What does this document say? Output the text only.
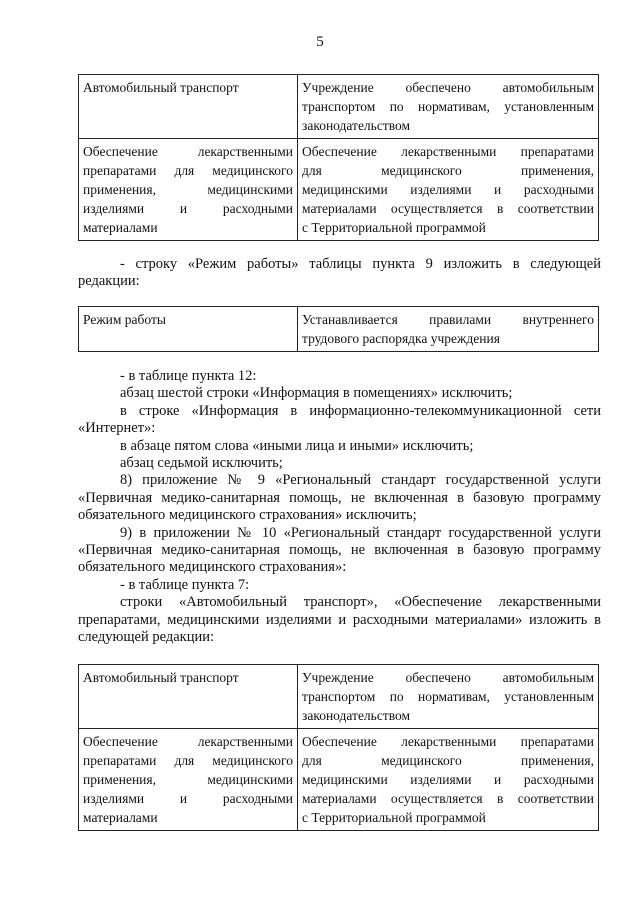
5
Автомобильный транспорт	Учреждение обеспечено автомобильным
транспортом по нормативам, установленным
законодательством

Обеспечение лекарственными
препаратами для медицинского
применения, медицинскими
изделиями и расходными
материалами	Обеспечение лекарственными препаратами
для медицинского применения,
медицинскими изделиями и расходными
материалами осуществляется в соответствии
с Территориальной программой
- строку «Режим работы» таблицы пункта 9 изложить в следующей
редакции:
Режим работы	Устанавливается правилами внутреннего
трудового распорядка учреждения
- в таблице пункта 12:
абзац шестой строки «Информация в помещениях» исключить;
в строке «Информация в информационно-телекоммуникационной сети
«Интернет»:
в абзаце пятом слова «иными лица и иными» исключить;
абзац седьмой исключить;
8) приложение № 9 «Региональный стандарт государственной услуги
«Первичная медико-санитарная помощь, не включенная в базовую программу
обязательного медицинского страхования» исключить;
9) в приложении № 10 «Региональный стандарт государственной услуги
«Первичная медико-санитарная помощь, не включенная в базовую программу
обязательного медицинского страхования»:
- в таблице пункта 7:
строки «Автомобильный транспорт», «Обеспечение лекарственными
препаратами, медицинскими изделиями и расходными материалами» изложить в
следующей редакции:
Автомобильный транспорт	Учреждение обеспечено автомобильным
транспортом по нормативам, установленным
законодательством

Обеспечение лекарственными
препаратами для медицинского
применения, медицинскими
изделиями и расходными
материалами	Обеспечение лекарственными препаратами
для медицинского применения,
медицинскими изделиями и расходными
материалами осуществляется в соответствии
с Территориальной программой
